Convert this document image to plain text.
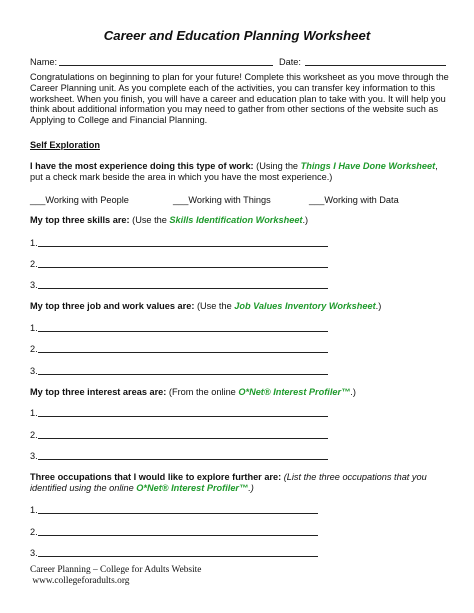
Career and Education Planning Worksheet
Name:	Date:
Congratulations on beginning to plan for your future! Complete this worksheet as you move through the Career Planning unit. As you complete each of the activities, you can transfer key information to this worksheet. When you finish, you will have a career and education plan to take with you. It will help you think about additional information you may need to gather from other sections of the website such as Applying to College and Financial Planning.
Self Exploration
I have the most experience doing this type of work: (Using the Things I Have Done Worksheet, put a check mark beside the area in which you have the most experience.)
___Working with People	___Working with Things	___Working with Data
My top three skills are: (Use the Skills Identification Worksheet.)
1.
2.
3.
My top three job and work values are: (Use the Job Values Inventory Worksheet.)
1.
2.
3.
My top three interest areas are: (From the online O*Net® Interest Profiler™.)
1.
2.
3.
Three occupations that I would like to explore further are: (List the three occupations that you identified using the online O*Net® Interest Profiler™.)
1.
2.
3.
Career Planning – College for Adults Website
www.collegeforadults.org
